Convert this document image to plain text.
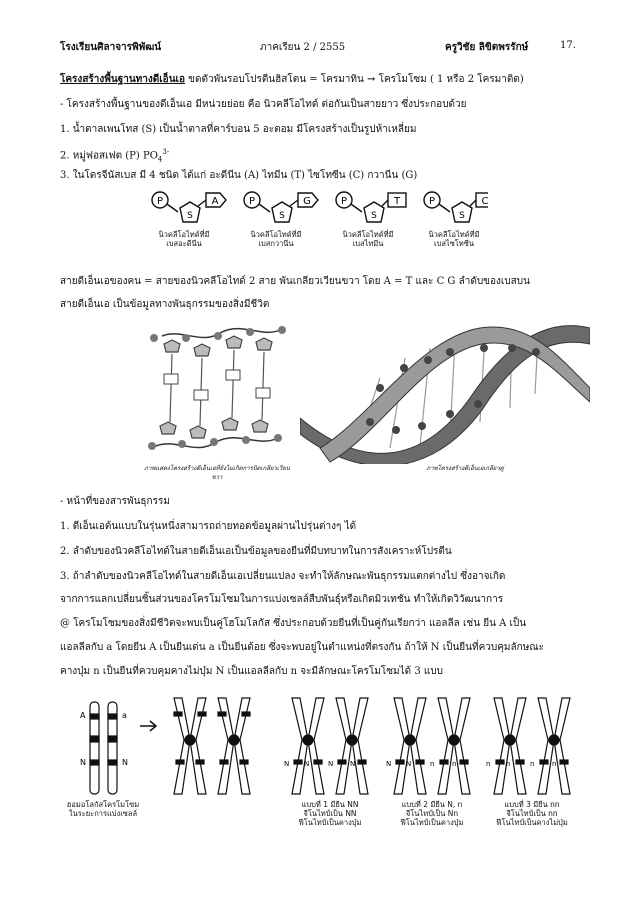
โรงเรียนศิลาจารพิพัฒน์	ภาคเรียน 2 / 2555	ครูวิชัย ลิขิตพรรักษ์	17.
โครงสร้างพื้นฐานทางดีเอ็นเอ ขดตัวพันรอบโปรตีนฮิสโตน = โครมาทิน → โครโมโซม ( 1 หรือ 2 โครมาติด)
- โครงสร้างพื้นฐานของดีเอ็นเอ มีหน่วยย่อย คือ นิวคลีโอไทด์ ต่อกันเป็นสายยาว ซึ่งประกอบด้วย
1. น้ำตาลเพนโทส (S) เป็นน้ำตาลที่คาร์บอน 5 อะตอม มีโครงสร้างเป็นรูปห้าเหลี่ยม
2. หมู่ฟอสเฟต (P) $PO_4^{3-}$
3. ในโตรจีนัสเบส มี 4 ชนิด ได้แก่ อะดีนีน (A) ไทมีน (T) ไซโทซีน (C) กวานีน (G)
P
S
A	P
S
G	P
S
T	P
S
C
นิวคลีโอไทด์ที่มี
เบสอะดีนีน
นิวคลีโอไทด์ที่มี
เบสกวานีน
นิวคลีโอไทด์ที่มี
เบสไทมีน
นิวคลีโอไทด์ที่มี
เบสไซโทซีน
สายดีเอ็นเอของคน = สายของนิวคลีโอไทด์ 2 สาย พันเกลียวเวียนขวา โดย A = T และ C G ลำดับของเบสบน
สายดีเอ็นเอ เป็นข้อมูลทางพันธุกรรมของสิ่งมีชีวิต
ภาพแสดงโครงสร้างดีเอ็นเอที่ยังไม่เกิดการบิดเกลียวเวียนขวา
ภาพโครงสร้างดีเอ็นเอเกลียวคู่
- หน้าที่ของสารพันธุกรรม
1. ดีเอ็นเอต้นแบบในรุ่นหนึ่งสามารถถ่ายทอดข้อมูลผ่านไปรุ่นต่างๆ ได้
2. ลำดับของนิวคลีโอไทด์ในสายดีเอ็นเอเป็นข้อมูลของยีนที่มีบทบาทในการสังเคราะห์โปรตีน
3. ถ้าลำดับของนิวคลีโอไทด์ในสายดีเอ็นเอเปลี่ยนแปลง จะทำให้ลักษณะพันธุกรรมแตกต่างไป ซึ่งอาจเกิด
จากการแลกเปลี่ยนชิ้นส่วนของโครโมโซมในการแบ่งเซลล์สืบพันธุ์หรือเกิดมิวเทชัน ทำให้เกิดวิวัฒนาการ
@ โครโมโซมของสิ่งมีชีวิตจะพบเป็นคู่โฮโมโลกัส ซึ่งประกอบด้วยยีนที่เป็นคู่กันเรียกว่า แอลลีล เช่น ยีน A เป็น
แอลลีลกับ a โดยยีน A เป็นยีนเด่น a เป็นยีนด้อย ซึ่งจะพบอยู่ในตำแหน่งที่ตรงกัน ถ้าให้ N เป็นยีนที่ควบคุมลักษณะ
คางบุ๋ม n เป็นยีนที่ควบคุมคางไม่บุ๋ม N เป็นแอลลีลกับ n จะมีลักษณะโครโมโซมได้ 3 แบบ
A	a
N	N	N N	N N	N N	n	n	n n	n	n
ฮอมอโลกัสโครโมโซม
ในระยะการแบ่งเซลล์
แบบที่ 1 มียีน NN
จีโนไทป์เป็น NN
ฟีโนไทป์เป็นคางบุ๋ม
แบบที่ 2 มียีน N, n
จีโนไทป์เป็น Nn
ฟีโนไทป์เป็นคางบุ๋ม
แบบที่ 3 มียีน nn
จีโนไทป์เป็น nn
ฟีโนไทป์เป็นคางไม่บุ๋ม
